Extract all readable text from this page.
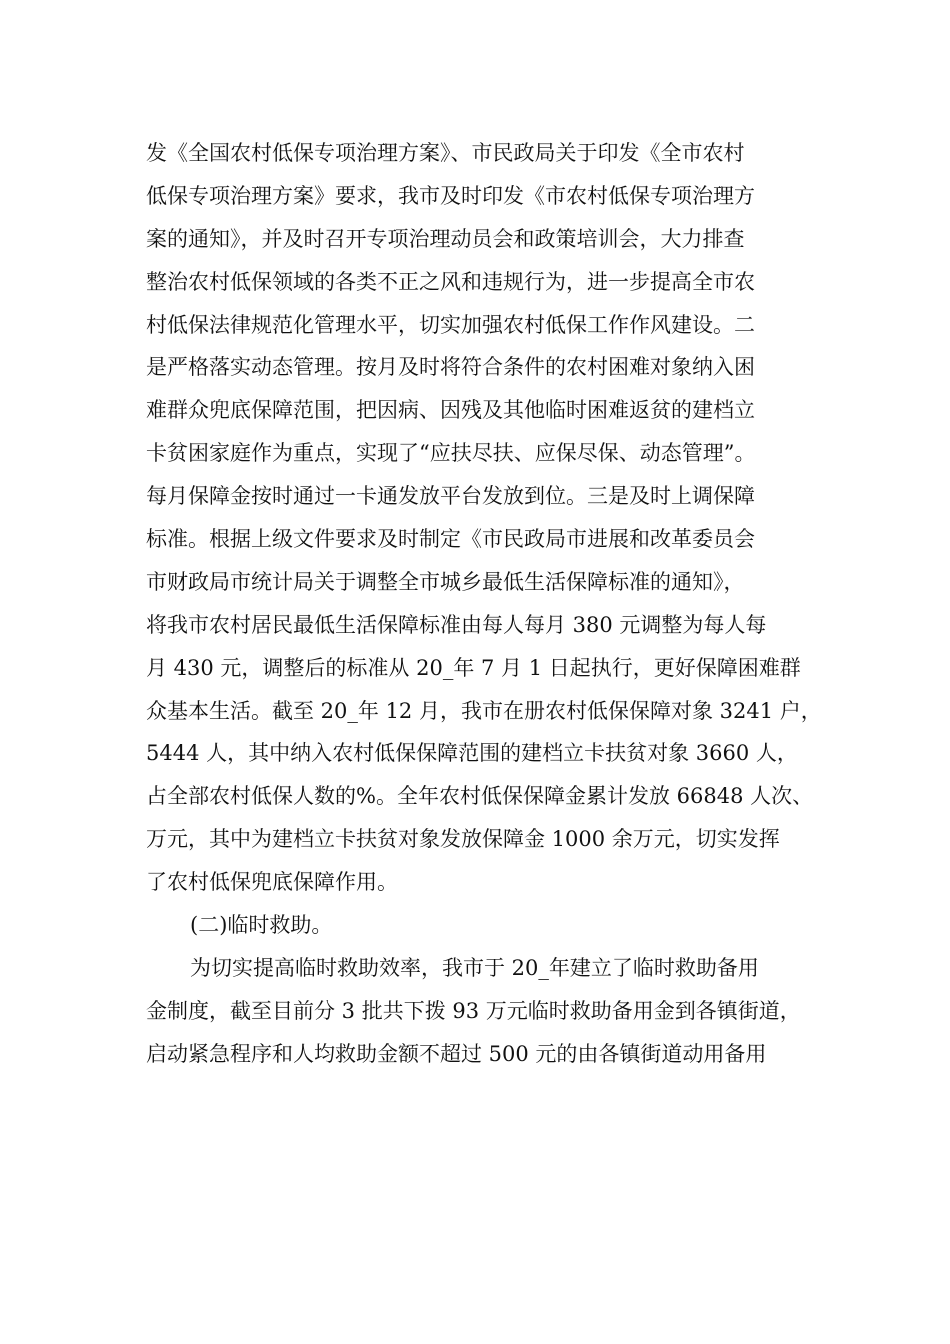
发《全国农村低保专项治理方案》、市民政局关于印发《全市农村
低保专项治理方案》要求，我市及时印发《市农村低保专项治理方
案的通知》，并及时召开专项治理动员会和政策培训会，大力排查
整治农村低保领域的各类不正之风和违规行为，进一步提高全市农
村低保法律规范化管理水平，切实加强农村低保工作作风建设。二
是严格落实动态管理。按月及时将符合条件的农村困难对象纳入困
难群众兜底保障范围，把因病、因残及其他临时困难返贫的建档立
卡贫困家庭作为重点，实现了“应扶尽扶、应保尽保、动态管理”。
每月保障金按时通过一卡通发放平台发放到位。三是及时上调保障
标准。根据上级文件要求及时制定《市民政局市进展和改革委员会
市财政局市统计局关于调整全市城乡最低生活保障标准的通知》，
将我市农村居民最低生活保障标准由每人每月 380 元调整为每人每
月 430 元，调整后的标准从 20_年 7 月 1 日起执行，更好保障困难群
众基本生活。截至 20_年 12 月，我市在册农村低保保障对象 3241 户，
5444 人，其中纳入农村低保保障范围的建档立卡扶贫对象 3660 人，
占全部农村低保人数的%。全年农村低保保障金累计发放 66848 人次、
万元，其中为建档立卡扶贫对象发放保障金 1000 余万元，切实发挥
了农村低保兜底保障作用。
(二)临时救助。
为切实提高临时救助效率，我市于 20_年建立了临时救助备用
金制度，截至目前分 3 批共下拨 93 万元临时救助备用金到各镇街道，
启动紧急程序和人均救助金额不超过 500 元的由各镇街道动用备用
